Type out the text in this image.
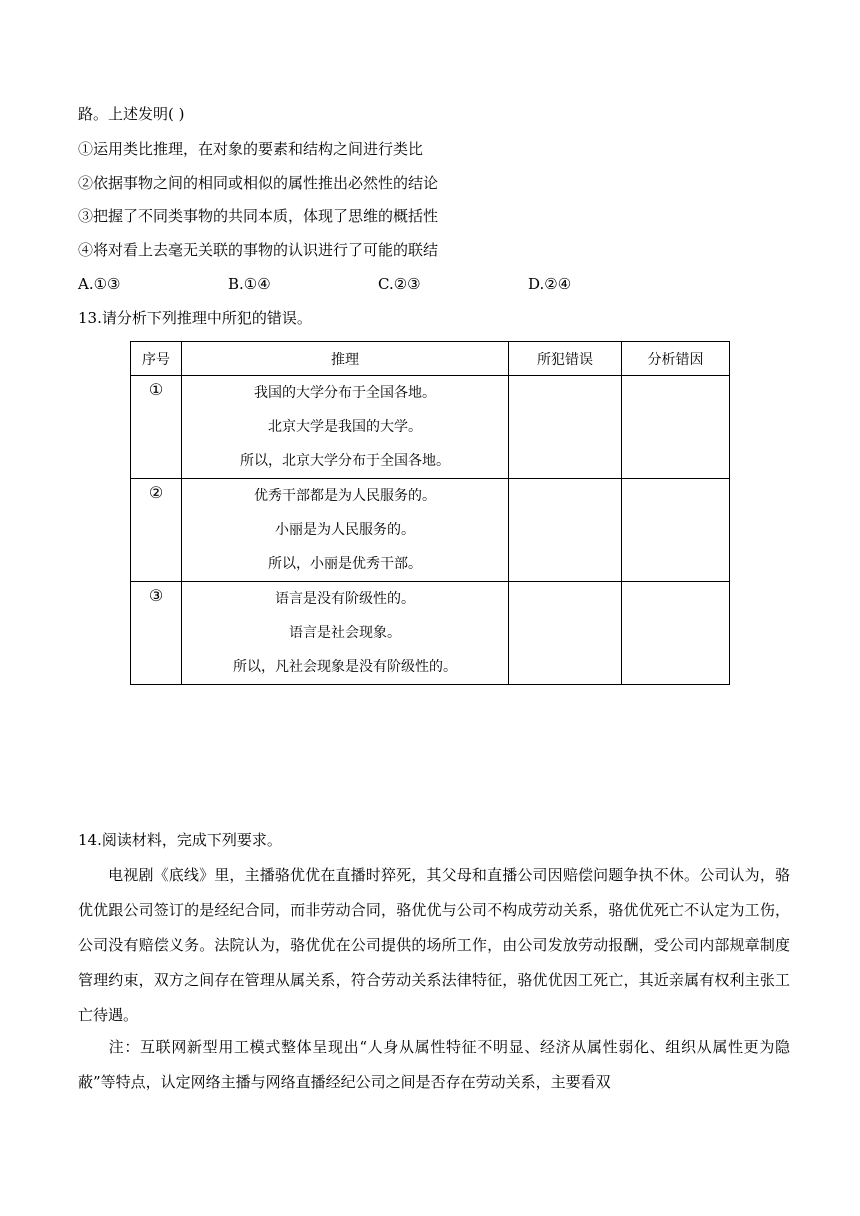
路。上述发明( )
①运用类比推理，在对象的要素和结构之间进行类比
②依据事物之间的相同或相似的属性推出必然性的结论
③把握了不同类事物的共同本质，体现了思维的概括性
④将对看上去毫无关联的事物的认识进行了可能的联结
A.①③	B.①④	C.②③	D.②④
13.请分析下列推理中所犯的错误。
序号	推理	所犯错误	分析错因

①	我国的大学分布于全国各地。
北京大学是我国的大学。
所以，北京大学分布于全国各地。		

②	优秀干部都是为人民服务的。
小丽是为人民服务的。
所以，小丽是优秀干部。		

③	语言是没有阶级性的。
语言是社会现象。
所以，凡社会现象是没有阶级性的。		

14.阅读材料，完成下列要求。
电视剧《底线》里，主播骆优优在直播时猝死，其父母和直播公司因赔偿问题争执不休。公司认为，骆优优跟公司签订的是经纪合同，而非劳动合同，骆优优与公司不构成劳动关系，骆优优死亡不认定为工伤，公司没有赔偿义务。法院认为，骆优优在公司提供的场所工作，由公司发放劳动报酬，受公司内部规章制度管理约束，双方之间存在管理从属关系，符合劳动关系法律特征，骆优优因工死亡，其近亲属有权利主张工亡待遇。
注：互联网新型用工模式整体呈现出“人身从属性特征不明显、经济从属性弱化、组织从属性更为隐蔽”等特点，认定网络主播与网络直播经纪公司之间是否存在劳动关系，主要看双
